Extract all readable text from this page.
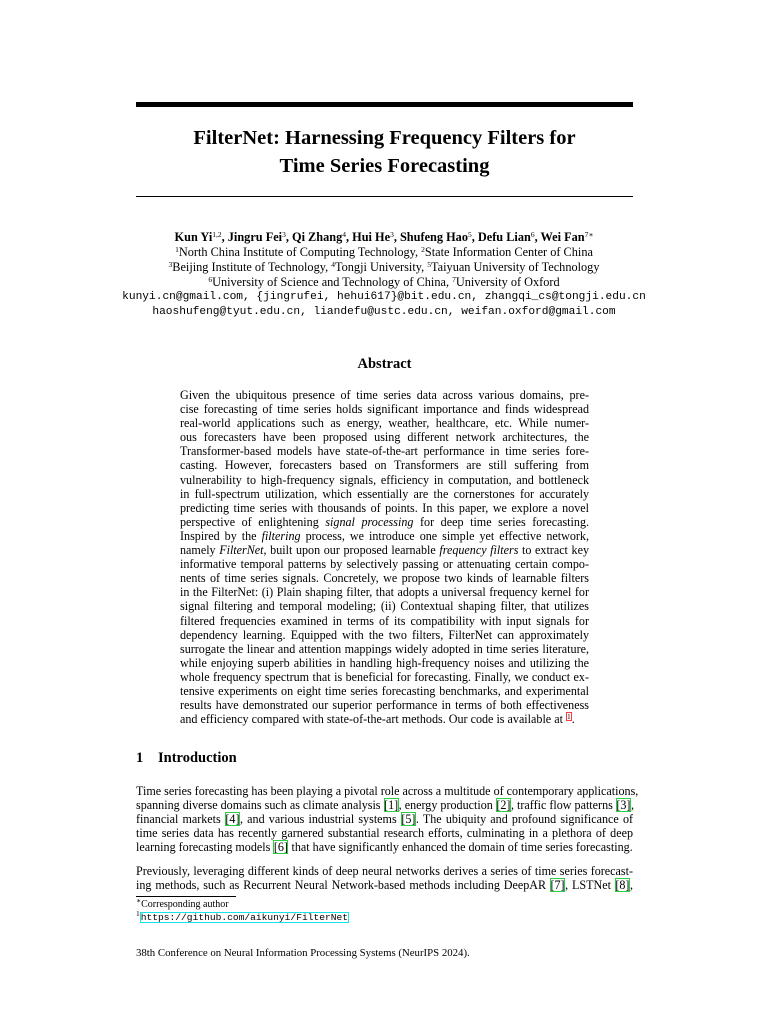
FilterNet: Harnessing Frequency Filters for
Time Series Forecasting
Kun Yi$^{1,2}$, Jingru Fei$^3$, Qi Zhang$^4$, Hui He$^3$, Shufeng Hao$^5$, Defu Lian$^6$, Wei Fan$^{7∗}$
$^1$North China Institute of Computing Technology, $^2$State Information Center of China
$^3$Beijing Institute of Technology, $^4$Tongji University, $^5$Taiyuan University of Technology
$^6$University of Science and Technology of China, $^7$University of Oxford
kunyi.cn@gmail.com, {jingrufei, hehui617}@bit.edu.cn, zhangqi_cs@tongji.edu.cn
haoshufeng@tyut.edu.cn, liandefu@ustc.edu.cn, weifan.oxford@gmail.com
Abstract
Given the ubiquitous presence of time series data across various domains, pre-
cise forecasting of time series holds significant importance and finds widespread
real-world applications such as energy, weather, healthcare, etc. While numer-
ous forecasters have been proposed using different network architectures, the
Transformer-based models have state-of-the-art performance in time series fore-
casting. However, forecasters based on Transformers are still suffering from
vulnerability to high-frequency signals, efficiency in computation, and bottleneck
in full-spectrum utilization, which essentially are the cornerstones for accurately
predicting time series with thousands of points. In this paper, we explore a novel
perspective of enlightening signal processing for deep time series forecasting.
Inspired by the filtering process, we introduce one simple yet effective network,
namely FilterNet, built upon our proposed learnable frequency filters to extract key
informative temporal patterns by selectively passing or attenuating certain compo-
nents of time series signals. Concretely, we propose two kinds of learnable filters
in the FilterNet: (i) Plain shaping filter, that adopts a universal frequency kernel for
signal filtering and temporal modeling; (ii) Contextual shaping filter, that utilizes
filtered frequencies examined in terms of its compatibility with input signals for
dependency learning. Equipped with the two filters, FilterNet can approximately
surrogate the linear and attention mappings widely adopted in time series literature,
while enjoying superb abilities in handling high-frequency noises and utilizing the
whole frequency spectrum that is beneficial for forecasting. Finally, we conduct ex-
tensive experiments on eight time series forecasting benchmarks, and experimental
results have demonstrated our superior performance in terms of both effectiveness
and efficiency compared with state-of-the-art methods. Our code is available at $^1$.
1 Introduction
Time series forecasting has been playing a pivotal role across a multitude of contemporary applications,
spanning diverse domains such as climate analysis [1], energy production [2], traffic flow patterns [3],
financial markets [4], and various industrial systems [5]. The ubiquity and profound significance of
time series data has recently garnered substantial research efforts, culminating in a plethora of deep
learning forecasting models [6] that have significantly enhanced the domain of time series forecasting.
Previously, leveraging different kinds of deep neural networks derives a series of time series forecast-
ing methods, such as Recurrent Neural Network-based methods including DeepAR [7], LSTNet [8],
∗Corresponding author
$^1$https://github.com/aikunyi/FilterNet
38th Conference on Neural Information Processing Systems (NeurIPS 2024).
